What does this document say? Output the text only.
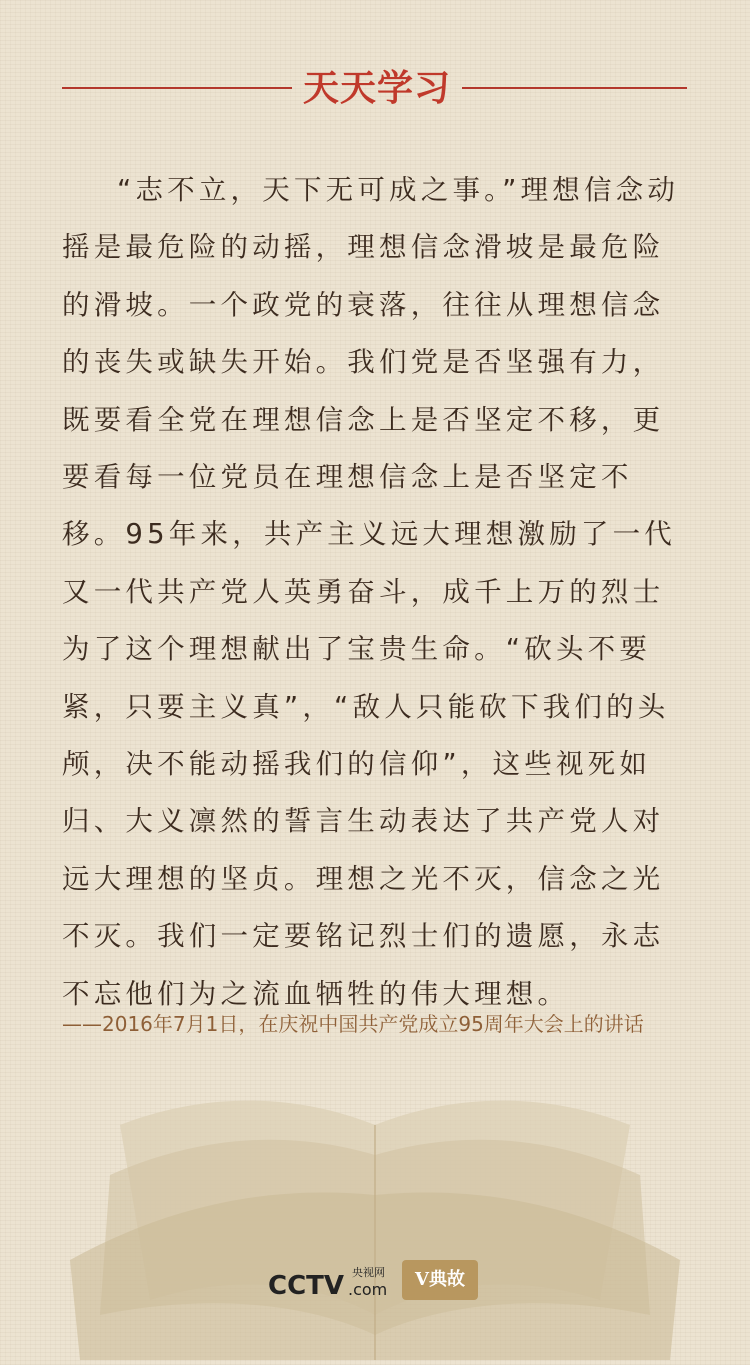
天天学习

“志不立，天下无可成之事。”理想信念动摇是最危险的动摇，理想信念滑坡是最危险的滑坡。一个政党的衰落，往往从理想信念的丧失或缺失开始。我们党是否坚强有力，既要看全党在理想信念上是否坚定不移，更要看每一位党员在理想信念上是否坚定不移。95年来，共产主义远大理想激励了一代又一代共产党人英勇奋斗，成千上万的烈士为了这个理想献出了宝贵生命。“砍头不要紧，只要主义真”，“敌人只能砍下我们的头颅，决不能动摇我们的信仰”，这些视死如归、大义凛然的誓言生动表达了共产党人对远大理想的坚贞。理想之光不灭，信念之光不灭。我们一定要铭记烈士们的遗愿，永志不忘他们为之流血牺牲的伟大理想。

——2016年7月1日，在庆祝中国共产党成立95周年大会上的讲话

CCTV 央视网
.com	V典故
